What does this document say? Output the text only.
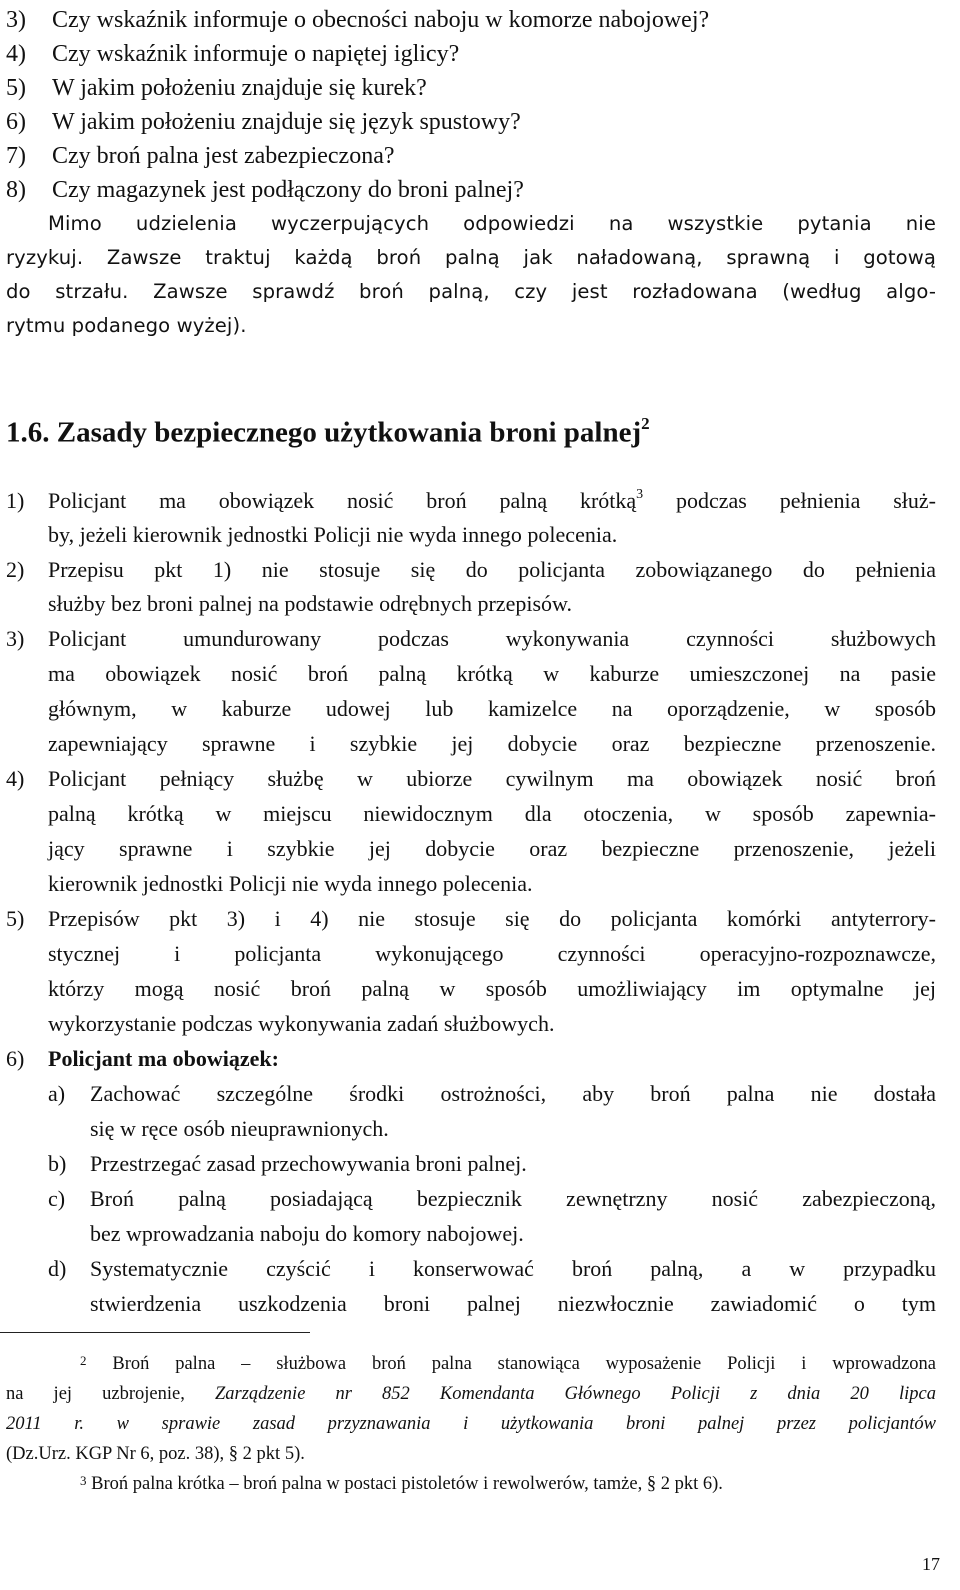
3) Czy wskaźnik informuje o obecności naboju w komorze nabojowej?
4) Czy wskaźnik informuje o napiętej iglicy?
5) W jakim położeniu znajduje się kurek?
6) W jakim położeniu znajduje się język spustowy?
7) Czy broń palna jest zabezpieczona?
8) Czy magazynek jest podłączony do broni palnej?
Mimo udzielenia wyczerpujących odpowiedzi na wszystkie pytania nie
ryzykuj. Zawsze traktuj każdą broń palną jak naładowaną, sprawną i gotową
do strzału. Zawsze sprawdź broń palną, czy jest rozładowana (według algo-
rytmu podanego wyżej).
1.6. Zasady bezpiecznego użytkowania broni palnej$^2$
1) Policjant ma obowiązek nosić broń palną krótką$^3$ podczas pełnienia służ-
by, jeżeli kierownik jednostki Policji nie wyda innego polecenia.
2) Przepisu pkt 1) nie stosuje się do policjanta zobowiązanego do pełnienia
służby bez broni palnej na podstawie odrębnych przepisów.
3) Policjant umundurowany podczas wykonywania czynności służbowych
ma obowiązek nosić broń palną krótką w kaburze umieszczonej na pasie
głównym, w kaburze udowej lub kamizelce na oporządzenie, w sposób
zapewniający sprawne i szybkie jej dobycie oraz bezpieczne przenoszenie.
4) Policjant pełniący służbę w ubiorze cywilnym ma obowiązek nosić broń
palną krótką w miejscu niewidocznym dla otoczenia, w sposób zapewnia-
jący sprawne i szybkie jej dobycie oraz bezpieczne przenoszenie, jeżeli
kierownik jednostki Policji nie wyda innego polecenia.
5) Przepisów pkt 3) i 4) nie stosuje się do policjanta komórki antyterrory-
stycznej i policjanta wykonującego czynności operacyjno-rozpoznawcze,
którzy mogą nosić broń palną w sposób umożliwiający im optymalne jej
wykorzystanie podczas wykonywania zadań służbowych.
6) Policjant ma obowiązek:
a) Zachować szczególne środki ostrożności, aby broń palna nie dostała
się w ręce osób nieuprawnionych.
b) Przestrzegać zasad przechowywania broni palnej.
c) Broń palną posiadającą bezpiecznik zewnętrzny nosić zabezpieczoną,
bez wprowadzania naboju do komory nabojowej.
d) Systematycznie czyścić i konserwować broń palną, a w przypadku
stwierdzenia uszkodzenia broni palnej niezwłocznie zawiadomić o tym
$^2$ Broń palna – służbowa broń palna stanowiąca wyposażenie Policji i wprowadzona
na jej uzbrojenie, Zarządzenie nr 852 Komendanta Głównego Policji z dnia 20 lipca
2011 r. w sprawie zasad przyznawania i użytkowania broni palnej przez policjantów
(Dz.Urz. KGP Nr 6, poz. 38), § 2 pkt 5).
$^3$ Broń palna krótka – broń palna w postaci pistoletów i rewolwerów, tamże, § 2 pkt 6).
17
